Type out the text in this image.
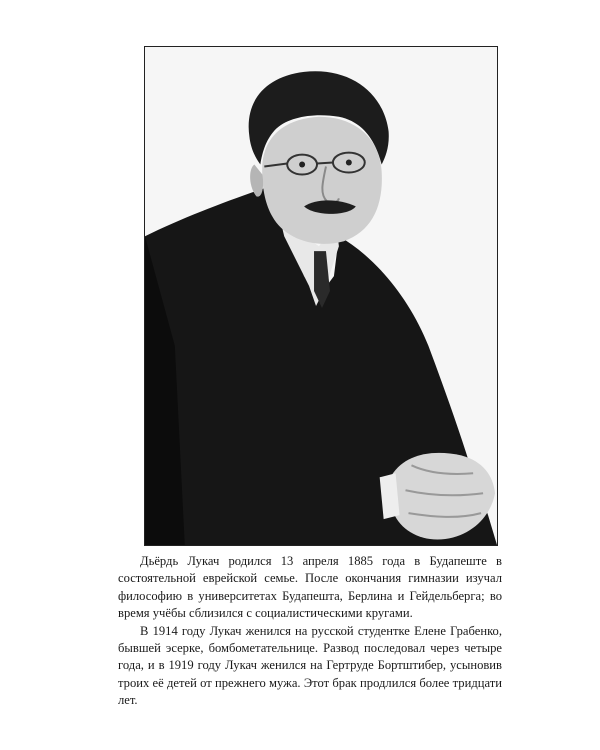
Дьёрдь Лукач родился 13 апреля 1885 года в Будапеште в состоятельной еврейской семье. После окончания гимназии изучал философию в университетах Будапешта, Берлина и Гейдельберга; во время учёбы сблизился с социалистическими кругами.

В 1914 году Лукач женился на русской студентке Елене Грабенко, бывшей эсерке, бомбометательнице. Развод последовал через четыре года, и в 1919 году Лукач женился на Гертруде Бортштибер, усыновив троих её детей от прежнего мужа. Этот брак продлился более тридцати лет.
